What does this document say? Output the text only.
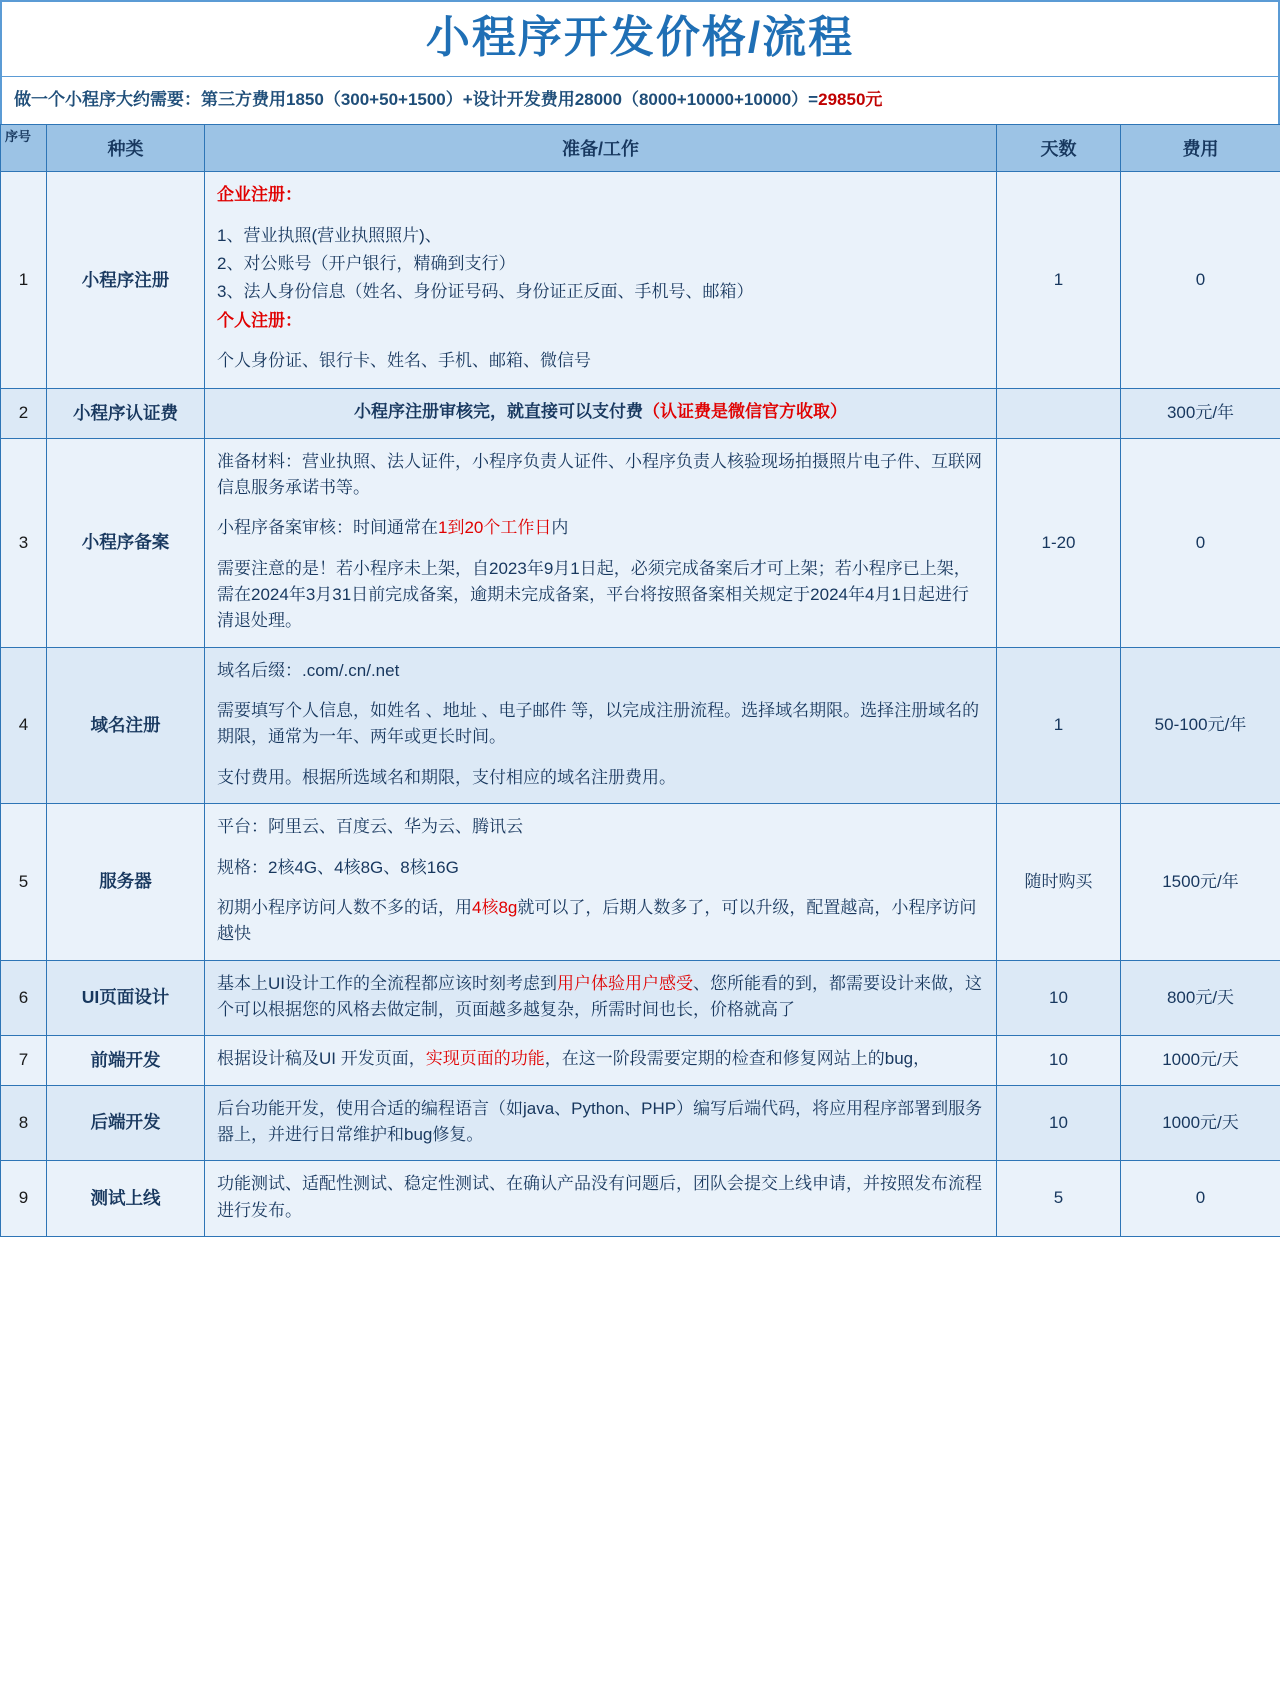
小程序开发价格/流程
做一个小程序大约需要：第三方费用1850（300+50+1500）+设计开发费用28000（8000+10000+10000）=29850元
序号	种类	准备/工作	天数	费用
1	小程序注册	

企业注册：

1、营业执照(营业执照照片)、

2、对公账号（开户银行，精确到支行）

3、法人身份信息（姓名、身份证号码、身份证正反面、手机号、邮箱）

个人注册：

个人身份证、银行卡、姓名、手机、邮箱、微信号

	1	0
2	小程序认证费	小程序注册审核完，就直接可以支付费（认证费是微信官方收取）		300元/年
3	小程序备案	准备材料：营业执照、法人证件，小程序负责人证件、小程序负责人核验现场拍摄照片电子件、互联网信息服务承诺书等。

小程序备案审核：时间通常在1到20个工作日内

需要注意的是！若小程序未上架，自2023年9月1日起，必须完成备案后才可上架；若小程序已上架，需在2024年3月31日前完成备案，逾期未完成备案，平台将按照备案相关规定于2024年4月1日起进行清退处理。	1-20	0
4	域名注册	域名后缀：.com/.cn/.net

需要填写个人信息，如姓名 、地址 、电子邮件 等，以完成注册流程。选择域名期限。选择注册域名的期限，通常为一年、两年或更长时间。

支付费用。根据所选域名和期限，支付相应的域名注册费用。	1	50-100元/年
5	服务器	平台：阿里云、百度云、华为云、腾讯云

规格：2核4G、4核8G、8核16G

初期小程序访问人数不多的话，用4核8g就可以了，后期人数多了，可以升级，配置越高，小程序访问越快	随时购买	1500元/年
6	UI页面设计	基本上UI设计工作的全流程都应该时刻考虑到用户体验用户感受、您所能看的到，都需要设计来做，这个可以根据您的风格去做定制，页面越多越复杂，所需时间也长，价格就高了	10	800元/天
7	前端开发	根据设计稿及UI 开发页面，实现页面的功能，在这一阶段需要定期的检查和修复网站上的bug，	10	1000元/天
8	后端开发	后台功能开发，使用合适的编程语言（如java、Python、PHP）编写后端代码，将应用程序部署到服务器上，并进行日常维护和bug修复。	10	1000元/天
9	测试上线	功能测试、适配性测试、稳定性测试、在确认产品没有问题后，团队会提交上线申请，并按照发布流程进行发布。	5	0
